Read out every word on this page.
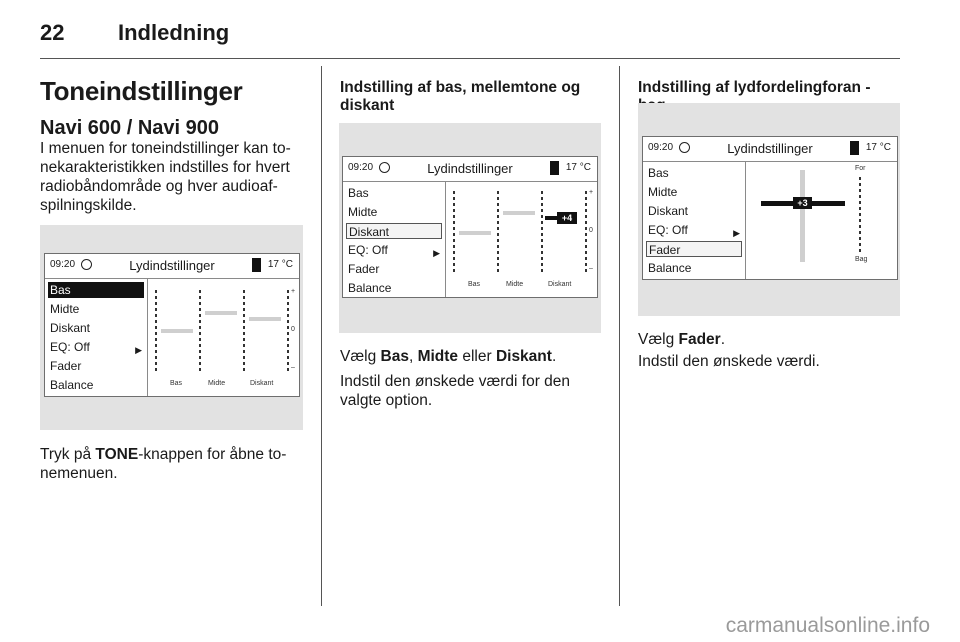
22 Indledning
Toneindstillinger
Navi 600 / Navi 900
I menuen for toneindstillinger kan to-nekarakteristikken indstilles for hvert radiobåndområde og hver audioaf-spilningskilde.
09:20	Lydindstillinger	17 °C
Bas
Midte
Diskant
EQ: Off	▶
Fader
Balance
+
0
–
Bas	Midte	Diskant
Tryk på TONE-knappen for åbne to-nemenuen.
Indstilling af bas, mellemtone og diskant
09:20	Lydindstillinger	17 °C
Bas
Midte
Diskant
EQ: Off	▶
Fader
Balance
+4
+
0
–
Bas	Midte	Diskant
Vælg Bas, Midte eller Diskant.
Indstil den ønskede værdi for den valgte option.
Indstilling af lydfordelingforan -
09:20	Lydindstillinger	17 °C
Bas
Midte
Diskant
EQ: Off	▶
Fader
Balance
+3
For
Bag
Vælg Fader.
Indstil den ønskede værdi.
carmanualsonline.info
